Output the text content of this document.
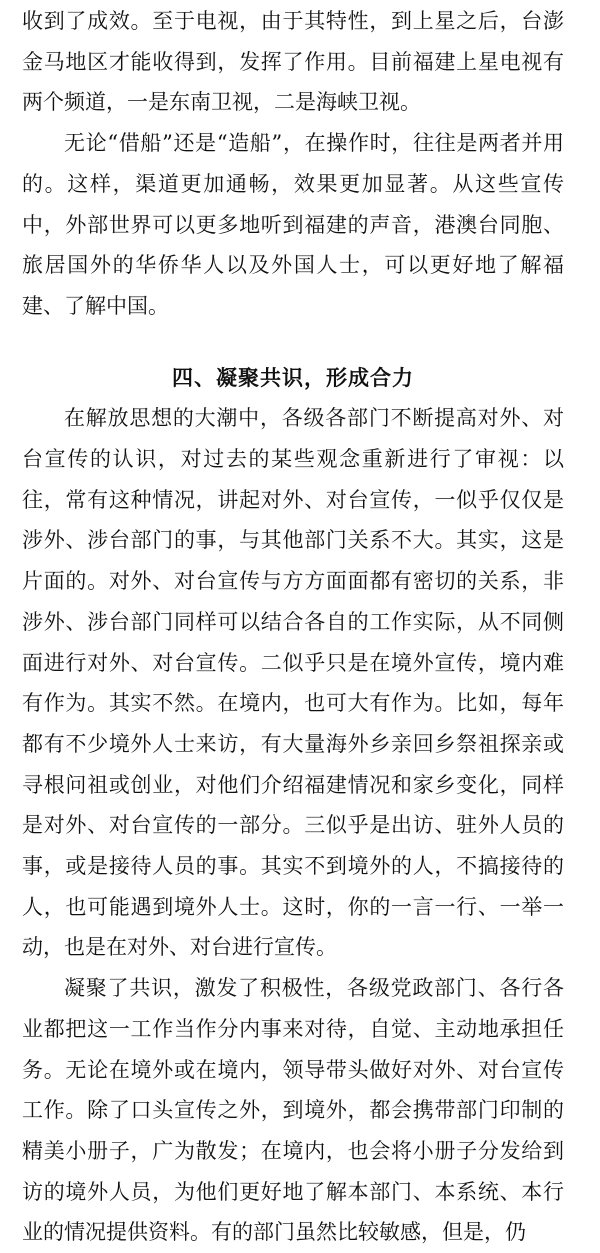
收到了成效。至于电视，由于其特性，到上星之后，台澎金马地区才能收得到，发挥了作用。目前福建上星电视有两个频道，一是东南卫视，二是海峡卫视。

无论“借船”还是“造船”，在操作时，往往是两者并用的。这样，渠道更加通畅，效果更加显著。从这些宣传中，外部世界可以更多地听到福建的声音，港澳台同胞、旅居国外的华侨华人以及外国人士，可以更好地了解福建、了解中国。

四、凝聚共识，形成合力

在解放思想的大潮中，各级各部门不断提高对外、对台宣传的认识，对过去的某些观念重新进行了审视：以往，常有这种情况，讲起对外、对台宣传，一似乎仅仅是涉外、涉台部门的事，与其他部门关系不大。其实，这是片面的。对外、对台宣传与方方面面都有密切的关系，非涉外、涉台部门同样可以结合各自的工作实际，从不同侧面进行对外、对台宣传。二似乎只是在境外宣传，境内难有作为。其实不然。在境内，也可大有作为。比如，每年都有不少境外人士来访，有大量海外乡亲回乡祭祖探亲或寻根问祖或创业，对他们介绍福建情况和家乡变化，同样是对外、对台宣传的一部分。三似乎是出访、驻外人员的事，或是接待人员的事。其实不到境外的人，不搞接待的人，也可能遇到境外人士。这时，你的一言一行、一举一动，也是在对外、对台进行宣传。

凝聚了共识，激发了积极性，各级党政部门、各行各业都把这一工作当作分内事来对待，自觉、主动地承担任务。无论在境外或在境内，领导带头做好对外、对台宣传工作。除了口头宣传之外，到境外，都会携带部门印制的精美小册子，广为散发；在境内，也会将小册子分发给到访的境外人员，为他们更好地了解本部门、本系统、本行业的情况提供资料。有的部门虽然比较敏感，但是，仍
